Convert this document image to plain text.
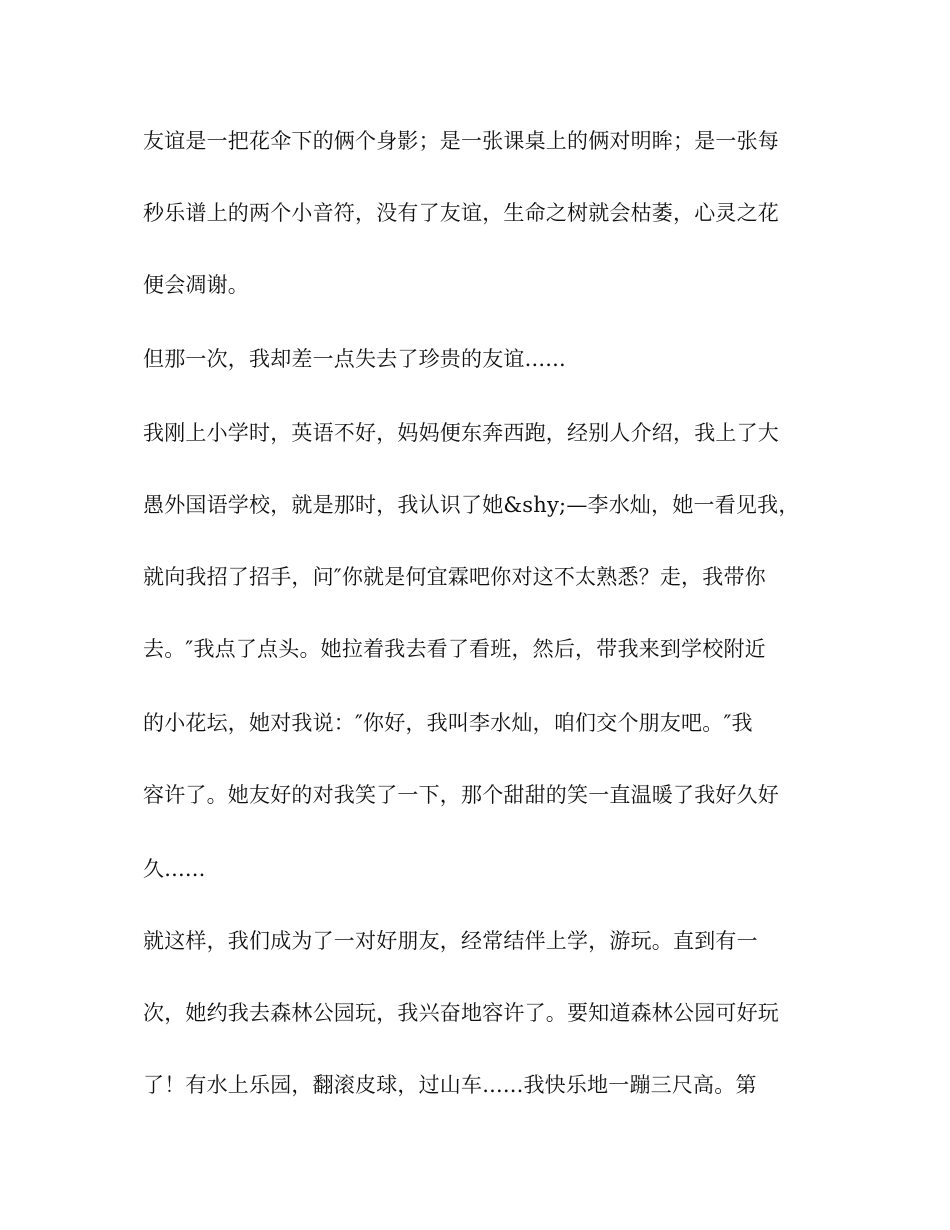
友谊是一把花伞下的俩个身影；是一张课桌上的俩对明眸；是一张每
秒乐谱上的两个小音符，没有了友谊，生命之树就会枯萎，心灵之花
便会凋谢。
但那一次，我却差一点失去了珍贵的友谊......
我刚上小学时，英语不好，妈妈便东奔西跑，经别人介绍，我上了大
愚外国语学校，就是那时，我认识了她&shy;—李水灿，她一看见我，
就向我招了招手，问″你就是何宜霖吧你对这不太熟悉？走，我带你
去。″我点了点头。她拉着我去看了看班，然后，带我来到学校附近
的小花坛，她对我说：″你好，我叫李水灿，咱们交个朋友吧。″我
容许了。她友好的对我笑了一下，那个甜甜的笑一直温暖了我好久好
久......
就这样，我们成为了一对好朋友，经常结伴上学，游玩。直到有一
次，她约我去森林公园玩，我兴奋地容许了。要知道森林公园可好玩
了！有水上乐园，翻滚皮球，过山车......我快乐地一蹦三尺高。第
